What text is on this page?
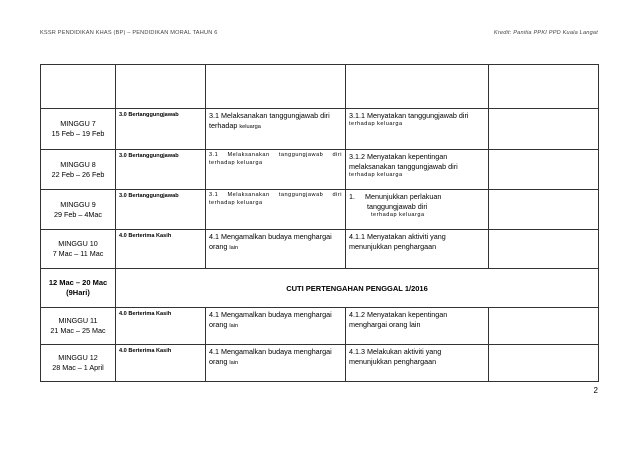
KSSR PENDIDIKAN KHAS (BP) – PENDIDIKAN MORAL TAHUN 6	Kredit: Panitia PPKI PPD Kuala Langat

MINGGU 7
15 Feb – 19 Feb	3.0 Bertanggungjawab	3.1 Melaksanakan tanggungjawab diri terhadap keluarga	3.1.1 Menyatakan tanggungjawab diri
terhadap keluarga	

MINGGU 8
22 Feb – 26 Feb	3.0 Bertanggungjawab	3.1 Melaksanakan tanggungjawab diri terhadap keluarga	3.1.2 Menyatakan kepentingan melaksanakan tanggungjawab diri
terhadap keluarga	

MINGGU 9
29 Feb – 4Mac	3.0 Bertanggungjawab	3.1 Melaksanakan tanggungjawab diri terhadap keluarga	1. Menunjukkan perlakuan
tanggungjawab diri
terhadap keluarga	

MINGGU 10
7 Mac – 11 Mac	4.0 Berterima Kasih	4.1 Mengamalkan budaya menghargai orang lain	4.1.1 Menyatakan aktiviti yang menunjukkan penghargaan	

12 Mac – 20 Mac
(9Hari)	CUTI PERTENGAHAN PENGGAL 1/2016			

MINGGU 11
21 Mac – 25 Mac	4.0 Berterima Kasih	4.1 Mengamalkan budaya menghargai orang lain	4.1.2 Menyatakan kepentingan menghargai orang lain	

MINGGU 12
28 Mac – 1 April	4.0 Berterima Kasih	4.1 Mengamalkan budaya menghargai orang lain	4.1.3 Melakukan aktiviti yang menunjukkan penghargaan	

2
